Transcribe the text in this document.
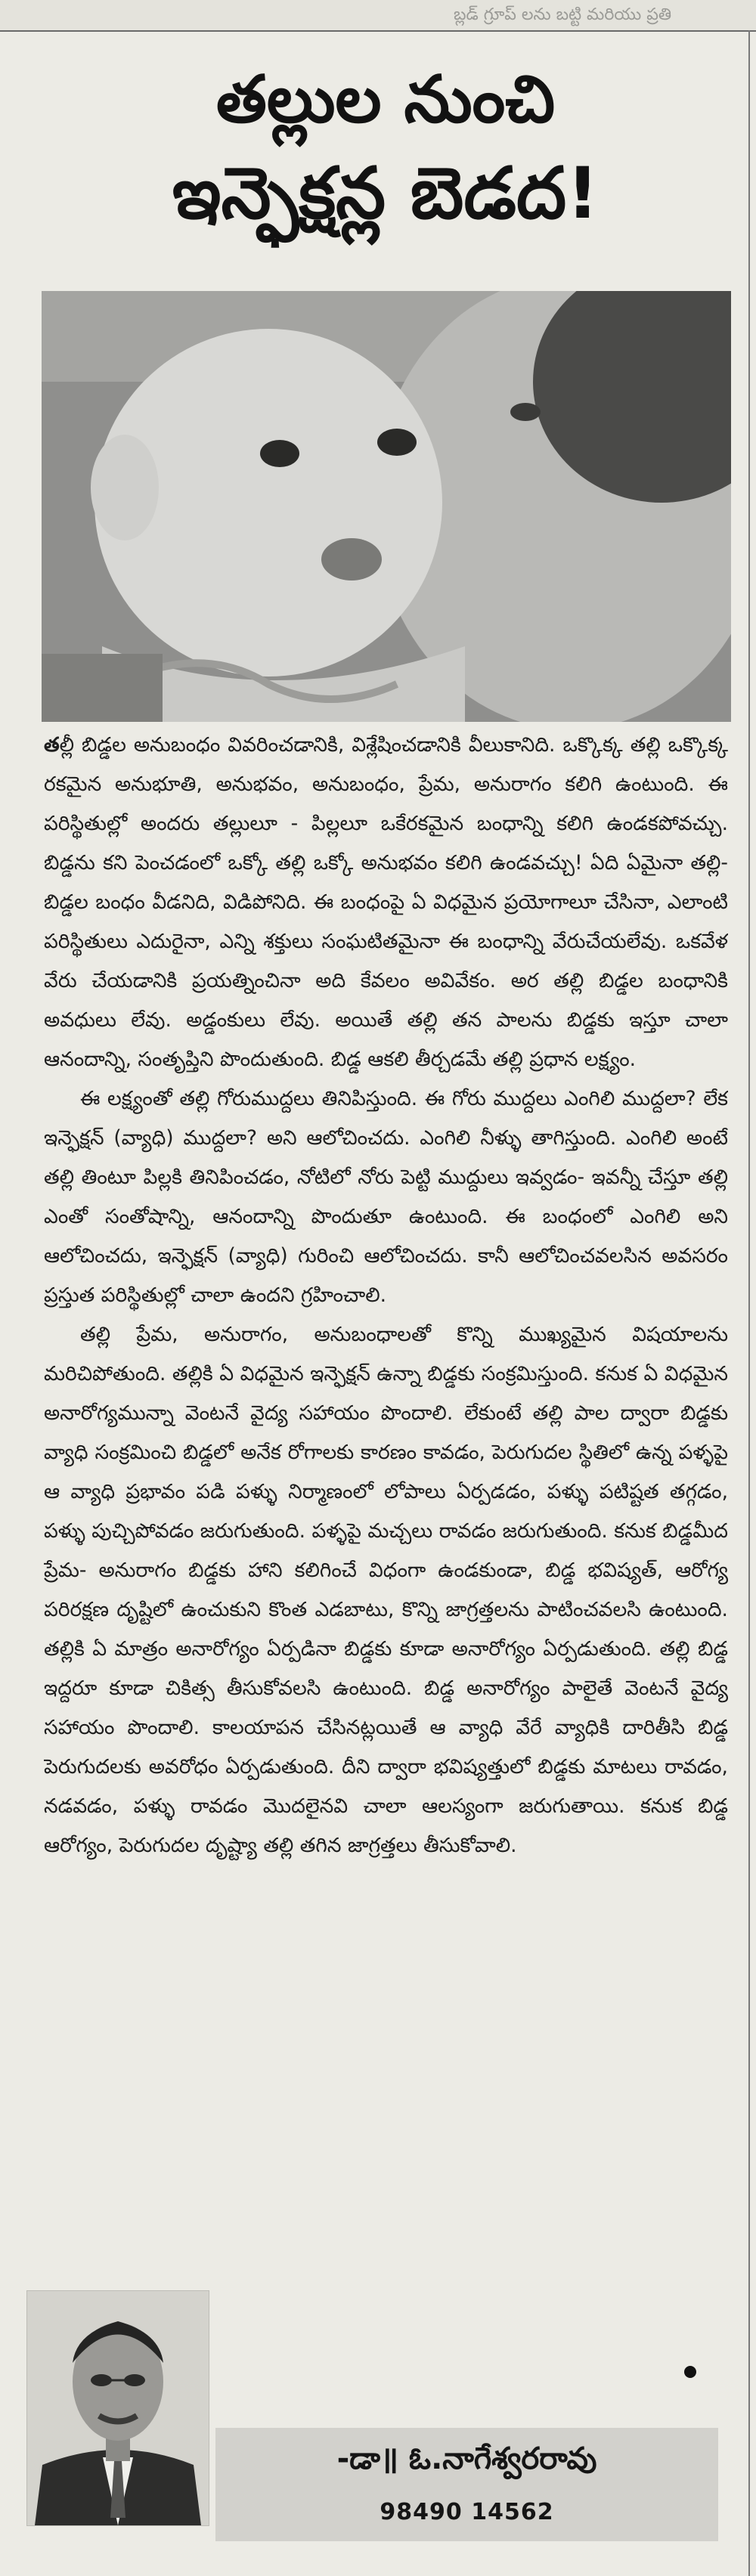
బ్లడ్ గ్రూప్ లను బట్టి మరియు ప్రతి
తల్లుల నుంచి
ఇన్ఫెక్షన్ల బెడద!

తల్లీ బిడ్డల అనుబంధం వివరించడానికి, విశ్లేషించడానికి వీలుకానిది. ఒక్కొక్క తల్లి ఒక్కొక్క రకమైన అనుభూతి, అనుభవం, అనుబంధం, ప్రేమ, అనురాగం కలిగి ఉంటుంది. ఈ పరిస్థితుల్లో అందరు తల్లులూ - పిల్లలూ ఒకేరకమైన బంధాన్ని కలిగి ఉండకపోవచ్చు. బిడ్డను కని పెంచడంలో ఒక్కో తల్లి ఒక్కో అనుభవం కలిగి ఉండవచ్చు! ఏది ఏమైనా తల్లి-బిడ్డల బంధం వీడనిది, విడిపోనిది. ఈ బంధంపై ఏ విధమైన ప్రయోగాలూ చేసినా, ఎలాంటి పరిస్థితులు ఎదురైనా, ఎన్ని శక్తులు సంఘటితమైనా ఈ బంధాన్ని వేరుచేయలేవు. ఒకవేళ వేరు చేయడానికి ప్రయత్నించినా అది కేవలం అవివేకం. అర తల్లి బిడ్డల బంధానికి అవధులు లేవు. అడ్డంకులు లేవు. అయితే తల్లి తన పాలను బిడ్డకు ఇస్తూ చాలా ఆనందాన్ని, సంతృప్తిని పొందుతుంది. బిడ్డ ఆకలి తీర్చడమే తల్లి ప్రధాన లక్ష్యం.

ఈ లక్ష్యంతో తల్లి గోరుముద్దలు తినిపిస్తుంది. ఈ గోరు ముద్దలు ఎంగిలి ముద్దలా? లేక ఇన్ఫెక్షన్ (వ్యాధి) ముద్దలా? అని ఆలోచించదు. ఎంగిలి నీళ్ళు తాగిస్తుంది. ఎంగిలి అంటే తల్లి తింటూ పిల్లకి తినిపించడం, నోటిలో నోరు పెట్టి ముద్దులు ఇవ్వడం- ఇవన్నీ చేస్తూ తల్లి ఎంతో సంతోషాన్ని, ఆనందాన్ని పొందుతూ ఉంటుంది. ఈ బంధంలో ఎంగిలి అని ఆలోచించదు, ఇన్ఫెక్షన్ (వ్యాధి) గురించి ఆలోచించదు. కానీ ఆలోచించవలసిన అవసరం ప్రస్తుత పరిస్థితుల్లో చాలా ఉందని గ్రహించాలి.

తల్లి ప్రేమ, అనురాగం, అనుబంధాలతో కొన్ని ముఖ్యమైన విషయాలను మరిచిపోతుంది. తల్లికి ఏ విధమైన ఇన్ఫెక్షన్ ఉన్నా బిడ్డకు సంక్రమిస్తుంది. కనుక ఏ విధమైన అనారోగ్యమున్నా వెంటనే వైద్య సహాయం పొందాలి. లేకుంటే తల్లి పాల ద్వారా బిడ్డకు వ్యాధి సంక్రమించి బిడ్డలో అనేక రోగాలకు కారణం కావడం, పెరుగుదల స్థితిలో ఉన్న పళ్ళపై ఆ వ్యాధి ప్రభావం పడి పళ్ళు నిర్మాణంలో లోపాలు ఏర్పడడం, పళ్ళు పటిష్టత తగ్గడం, పళ్ళు పుచ్చిపోవడం జరుగుతుంది. పళ్ళపై మచ్చలు రావడం జరుగుతుంది. కనుక బిడ్డమీద ప్రేమ- అనురాగం బిడ్డకు హాని కలిగించే విధంగా ఉండకుండా, బిడ్డ భవిష్యత్, ఆరోగ్య పరిరక్షణ దృష్టిలో ఉంచుకుని కొంత ఎడబాటు, కొన్ని జాగ్రత్తలను పాటించవలసి ఉంటుంది. తల్లికి ఏ మాత్రం అనారోగ్యం ఏర్పడినా బిడ్డకు కూడా అనారోగ్యం ఏర్పడుతుంది. తల్లి బిడ్డ ఇద్దరూ కూడా చికిత్స తీసుకోవలసి ఉంటుంది. బిడ్డ అనారోగ్యం పాలైతే వెంటనే వైద్య సహాయం పొందాలి. కాలయాపన చేసినట్లయితే ఆ వ్యాధి వేరే వ్యాధికి దారితీసి బిడ్డ పెరుగుదలకు అవరోధం ఏర్పడుతుంది. దీని ద్వారా భవిష్యత్తులో బిడ్డకు మాటలు రావడం, నడవడం, పళ్ళు రావడం మొదలైనవి చాలా ఆలస్యంగా జరుగుతాయి. కనుక బిడ్డ ఆరోగ్యం, పెరుగుదల దృష్ట్యా తల్లి తగిన జాగ్రత్తలు తీసుకోవాలి.

-డా॥ ఓ.నాగేశ్వరరావు
98490 14562
